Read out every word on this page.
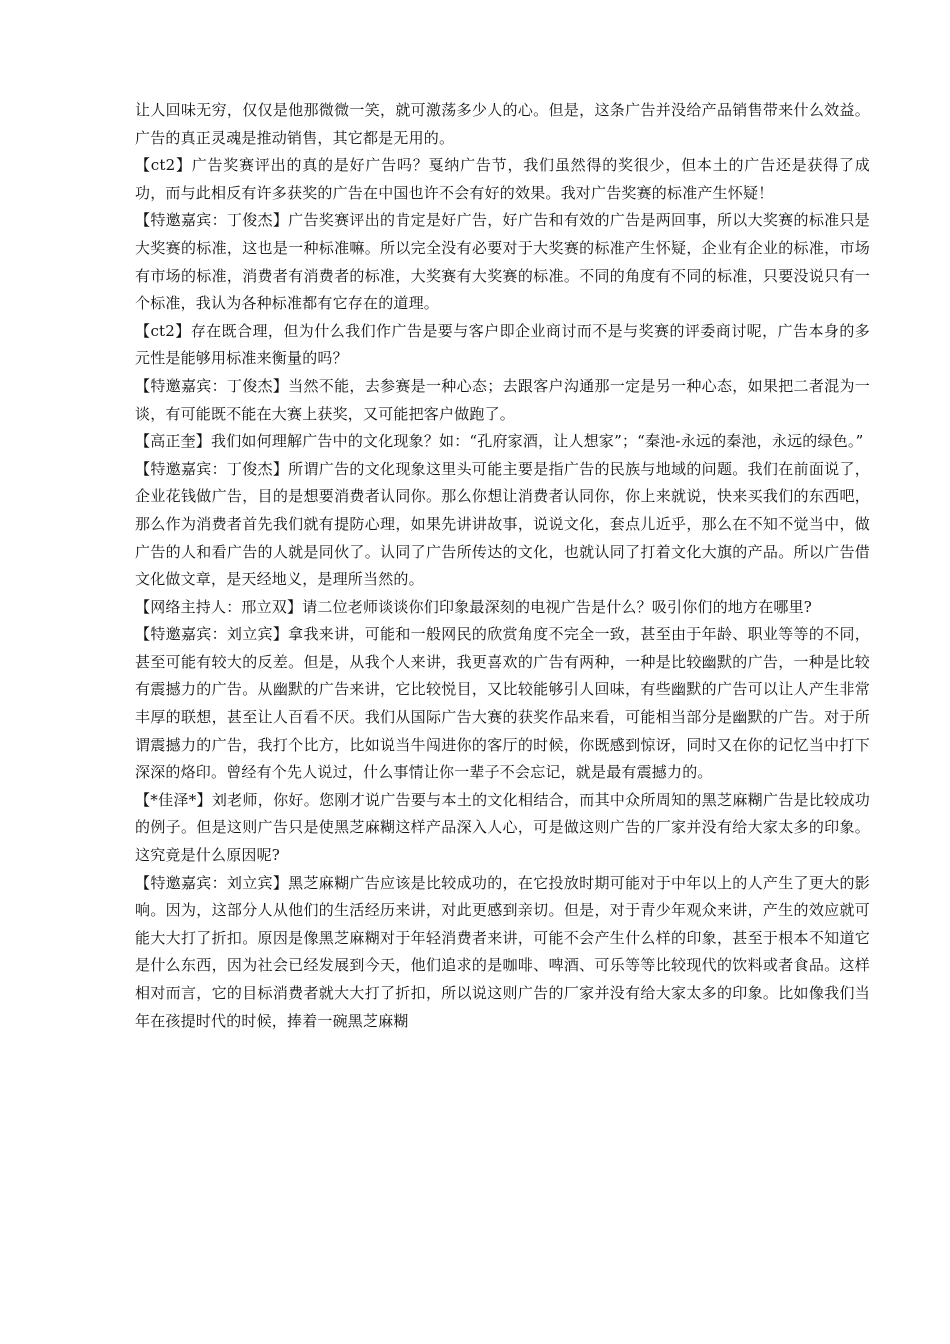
让人回味无穷，仅仅是他那微微一笑，就可激荡多少人的心。但是，这条广告并没给产品销售带来什么效益。广告的真正灵魂是推动销售，其它都是无用的。

【ct2】广告奖赛评出的真的是好广告吗？戛纳广告节，我们虽然得的奖很少，但本土的广告还是获得了成功，而与此相反有许多获奖的广告在中国也许不会有好的效果。我对广告奖赛的标准产生怀疑！

【特邀嘉宾：丁俊杰】广告奖赛评出的肯定是好广告，好广告和有效的广告是两回事，所以大奖赛的标准只是大奖赛的标准，这也是一种标准嘛。所以完全没有必要对于大奖赛的标准产生怀疑，企业有企业的标准，市场有市场的标准，消费者有消费者的标准，大奖赛有大奖赛的标准。不同的角度有不同的标准，只要没说只有一个标准，我认为各种标准都有它存在的道理。

【ct2】存在既合理，但为什么我们作广告是要与客户即企业商讨而不是与奖赛的评委商讨呢，广告本身的多元性是能够用标准来衡量的吗？

【特邀嘉宾：丁俊杰】当然不能，去参赛是一种心态；去跟客户沟通那一定是另一种心态，如果把二者混为一谈，有可能既不能在大赛上获奖，又可能把客户做跑了。

【高正奎】我们如何理解广告中的文化现象？如：“孔府家酒，让人想家”；“秦池-永远的秦池，永远的绿色。”

【特邀嘉宾：丁俊杰】所谓广告的文化现象这里头可能主要是指广告的民族与地域的问题。我们在前面说了，企业花钱做广告，目的是想要消费者认同你。那么你想让消费者认同你，你上来就说，快来买我们的东西吧，那么作为消费者首先我们就有提防心理，如果先讲讲故事，说说文化，套点儿近乎，那么在不知不觉当中，做广告的人和看广告的人就是同伙了。认同了广告所传达的文化，也就认同了打着文化大旗的产品。所以广告借文化做文章，是天经地义，是理所当然的。

【网络主持人：邢立双】请二位老师谈谈你们印象最深刻的电视广告是什么？吸引你们的地方在哪里?

【特邀嘉宾：刘立宾】拿我来讲，可能和一般网民的欣赏角度不完全一致，甚至由于年龄、职业等等的不同，甚至可能有较大的反差。但是，从我个人来讲，我更喜欢的广告有两种，一种是比较幽默的广告，一种是比较有震撼力的广告。从幽默的广告来讲，它比较悦目，又比较能够引人回味，有些幽默的广告可以让人产生非常丰厚的联想，甚至让人百看不厌。我们从国际广告大赛的获奖作品来看，可能相当部分是幽默的广告。对于所谓震撼力的广告，我打个比方，比如说当牛闯进你的客厅的时候，你既感到惊讶，同时又在你的记忆当中打下深深的烙印。曾经有个先人说过，什么事情让你一辈子不会忘记，就是最有震撼力的。

【*佳泽*】刘老师，你好。您刚才说广告要与本土的文化相结合，而其中众所周知的黑芝麻糊广告是比较成功的例子。但是这则广告只是使黑芝麻糊这样产品深入人心，可是做这则广告的厂家并没有给大家太多的印象。这究竟是什么原因呢?

【特邀嘉宾：刘立宾】黑芝麻糊广告应该是比较成功的，在它投放时期可能对于中年以上的人产生了更大的影响。因为，这部分人从他们的生活经历来讲，对此更感到亲切。但是，对于青少年观众来讲，产生的效应就可能大大打了折扣。原因是像黑芝麻糊对于年轻消费者来讲，可能不会产生什么样的印象，甚至于根本不知道它是什么东西，因为社会已经发展到今天，他们追求的是咖啡、啤酒、可乐等等比较现代的饮料或者食品。这样相对而言，它的目标消费者就大大打了折扣，所以说这则广告的厂家并没有给大家太多的印象。比如像我们当年在孩提时代的时候，捧着一碗黑芝麻糊
